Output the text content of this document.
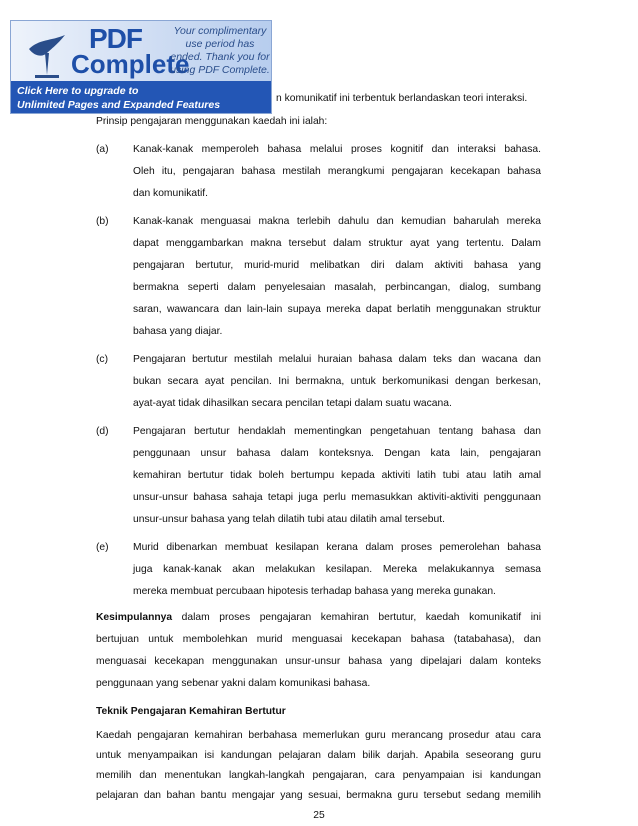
PDF
Complete
Your complimentary use period has ended. Thank you for using PDF Complete.
Click Here to upgrade to
Unlimited Pages and Expanded Features
n komunikatif ini terbentuk berlandaskan teori interaksi.
Prinsip pengajaran menggunakan kaedah ini ialah:
(a) Kanak-kanak memperoleh bahasa melalui proses kognitif dan interaksi bahasa.
Oleh itu, pengajaran bahasa mestilah merangkumi pengajaran kecekapan bahasa
dan komunikatif.
(b) Kanak-kanak menguasai makna terlebih dahulu dan kemudian baharulah mereka
dapat menggambarkan makna tersebut dalam struktur ayat yang tertentu. Dalam
pengajaran bertutur, murid-murid melibatkan diri dalam aktiviti bahasa yang
bermakna seperti dalam penyelesaian masalah, perbincangan, dialog, sumbang
saran, wawancara dan lain-lain supaya mereka dapat berlatih menggunakan struktur
bahasa yang diajar.
(c) Pengajaran bertutur mestilah melalui huraian bahasa dalam teks dan wacana dan
bukan secara ayat pencilan. Ini bermakna, untuk berkomunikasi dengan berkesan,
ayat-ayat tidak dihasilkan secara pencilan tetapi dalam suatu wacana.
(d) Pengajaran bertutur hendaklah mementingkan pengetahuan tentang bahasa dan
penggunaan unsur bahasa dalam konteksnya. Dengan kata lain, pengajaran
kemahiran bertutur tidak boleh bertumpu kepada aktiviti latih tubi atau latih amal
unsur-unsur bahasa sahaja tetapi juga perlu memasukkan aktiviti-aktiviti penggunaan
unsur-unsur bahasa yang telah dilatih tubi atau dilatih amal tersebut.
(e) Murid dibenarkan membuat kesilapan kerana dalam proses pemerolehan bahasa
juga kanak-kanak akan melakukan kesilapan. Mereka melakukannya semasa
mereka membuat percubaan hipotesis terhadap bahasa yang mereka gunakan.
Kesimpulannya dalam proses pengajaran kemahiran bertutur, kaedah komunikatif ini
bertujuan untuk membolehkan murid menguasai kecekapan bahasa (tatabahasa), dan
menguasai kecekapan menggunakan unsur-unsur bahasa yang dipelajari dalam konteks
penggunaan yang sebenar yakni dalam komunikasi bahasa.
Teknik Pengajaran Kemahiran Bertutur
Kaedah pengajaran kemahiran berbahasa memerlukan guru merancang prosedur atau cara
untuk menyampaikan isi kandungan pelajaran dalam bilik darjah. Apabila seseorang guru
memilih dan menentukan langkah-langkah pengajaran, cara penyampaian isi kandungan
pelajaran dan bahan bantu mengajar yang sesuai, bermakna guru tersebut sedang memilih
25
